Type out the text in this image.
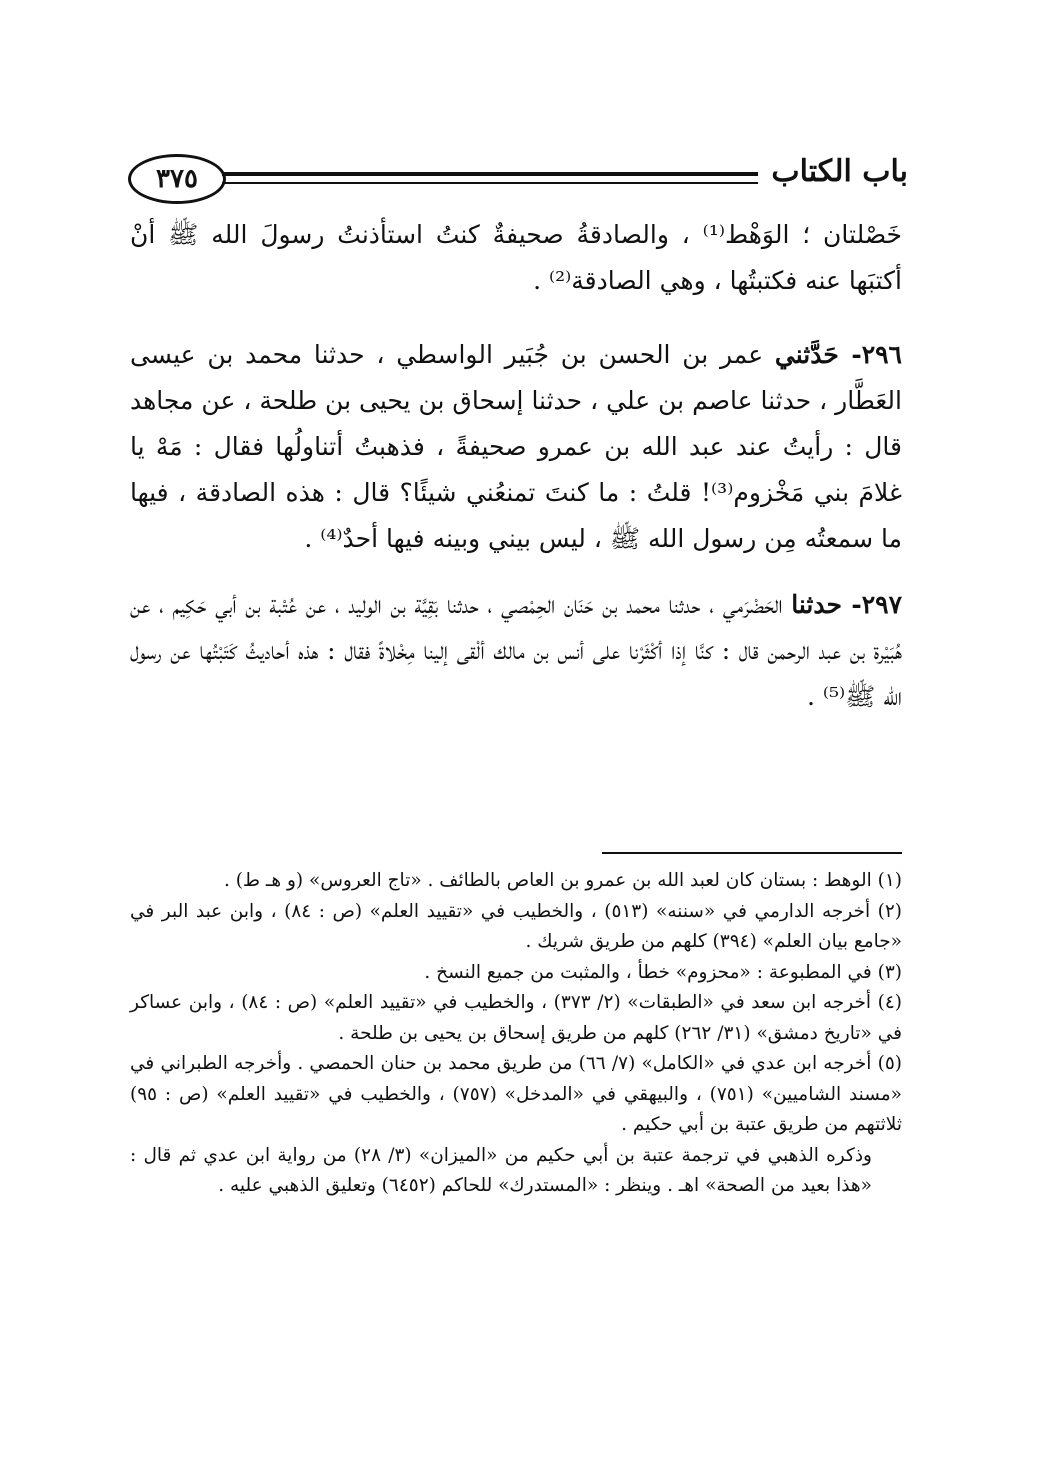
٣٧٥	باب الكتاب

خَصْلتان ؛ الوَهْط⁽¹⁾ ، والصادقةُ صحيفةٌ كنتُ استأذنتُ رسولَ الله ﷺ أنْ أكتبَها عنه فكتبتُها ، وهي الصادقة⁽²⁾ .

٢٩٦- حَدَّثني عمر بن الحسن بن جُبَير الواسطي ، حدثنا محمد بن عيسى العَطَّار ، حدثنا عاصم بن علي ، حدثنا إسحاق بن يحيى بن طلحة ، عن مجاهد قال : رأيتُ عند عبد الله بن عمرو صحيفةً ، فذهبتُ أتناولُها فقال : مَهْ يا غلامَ بني مَخْزوم⁽³⁾! قلتُ : ما كنتَ تمنعُني شيئًا؟ قال : هذه الصادقة ، فيها ما سمعتُه مِن رسول الله ﷺ ، ليس بيني وبينه فيها أحدٌ⁽⁴⁾ .

٢٩٧- حدثنا الحَضْرَمي ، حدثنا محمد بن حَنَان الحِمْصي ، حدثنا بَقِيَّة بن الوليد ، عن عُتْبة بن أبي حَكِيم ، عن هُبَيْرة بن عبد الرحمن قال : كنَّا إذا أكْثَرْنا على أنس بن مالك ألْقى إلينا مِخْلاةً فقال : هذه أحاديثُ كَتَبْتُها عن رسول الله ﷺ⁽⁵⁾ .

(١) الوهط : بستان كان لعبد الله بن عمرو بن العاص بالطائف . «تاج العروس» (و هـ ط) .

(٢) أخرجه الدارمي في «سننه» (٥١٣) ، والخطيب في «تقييد العلم» (ص : ٨٤) ، وابن عبد البر في «جامع بيان العلم» (٣٩٤) كلهم من طريق شريك .

(٣) في المطبوعة : «محزوم» خطأ ، والمثبت من جميع النسخ .

(٤) أخرجه ابن سعد في «الطبقات» (٢/ ٣٧٣) ، والخطيب في «تقييد العلم» (ص : ٨٤) ، وابن عساكر في «تاريخ دمشق» (٣١/ ٢٦٢) كلهم من طريق إسحاق بن يحيى بن طلحة .

(٥) أخرجه ابن عدي في «الكامل» (٧/ ٦٦) من طريق محمد بن حنان الحمصي . وأخرجه الطبراني في «مسند الشاميين» (٧٥١) ، والبيهقي في «المدخل» (٧٥٧) ، والخطيب في «تقييد العلم» (ص : ٩٥) ثلاثتهم من طريق عتبة بن أبي حكيم .

وذكره الذهبي في ترجمة عتبة بن أبي حكيم من «الميزان» (٣/ ٢٨) من رواية ابن عدي ثم قال : «هذا بعيد من الصحة» اهـ . وينظر : «المستدرك» للحاكم (٦٤٥٢) وتعليق الذهبي عليه .
